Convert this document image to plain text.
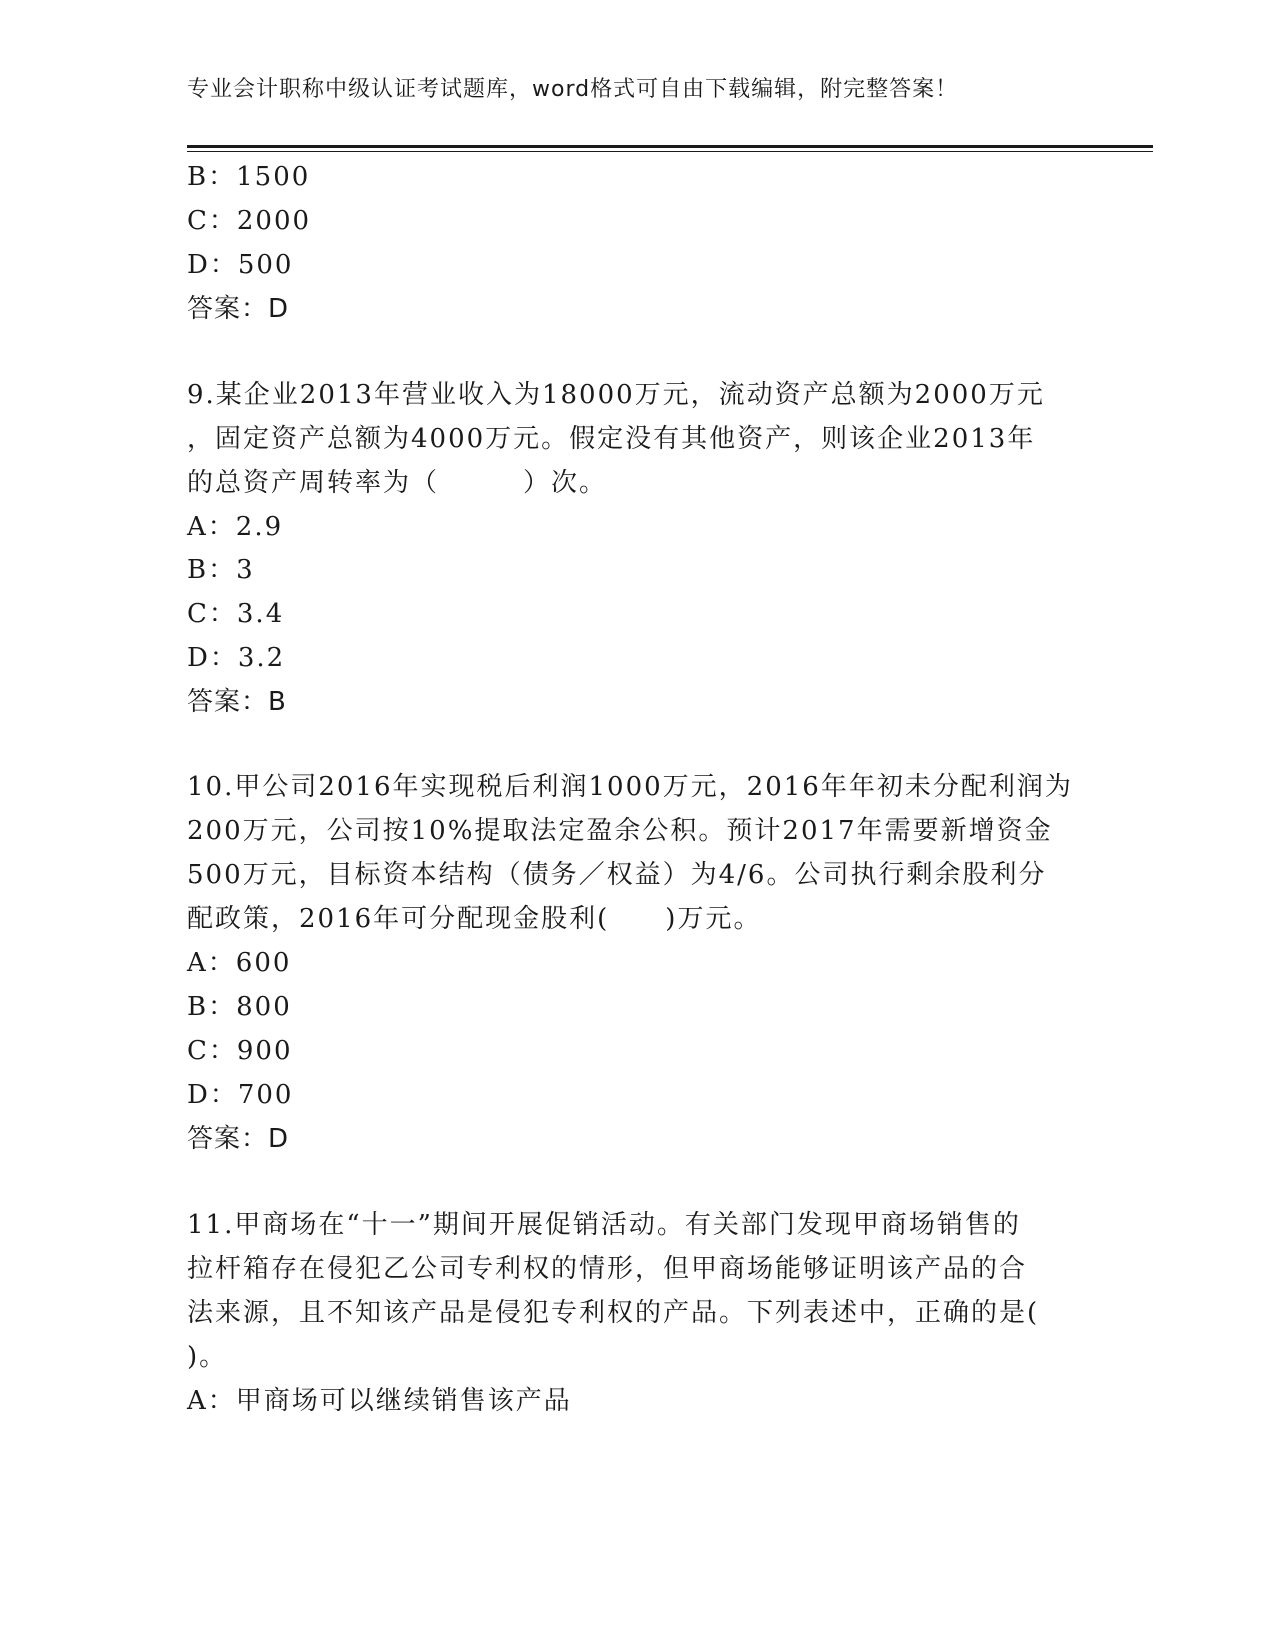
专业会计职称中级认证考试题库，word格式可自由下载编辑，附完整答案！
B：1500
C：2000
D：500
答案：D
9.某企业2013年营业收入为18000万元，流动资产总额为2000万元
，固定资产总额为4000万元。假定没有其他资产，则该企业2013年
的总资产周转率为（　　　）次。
A：2.9
B：3
C：3.4
D：3.2
答案：B
10.甲公司2016年实现税后利润1000万元，2016年年初未分配利润为
200万元，公司按10%提取法定盈余公积。预计2017年需要新增资金
500万元，目标资本结构（债务／权益）为4/6。公司执行剩余股利分
配政策，2016年可分配现金股利(　　)万元。
A：600
B：800
C：900
D：700
答案：D
11.甲商场在“十一”期间开展促销活动。有关部门发现甲商场销售的
拉杆箱存在侵犯乙公司专利权的情形，但甲商场能够证明该产品的合
法来源，且不知该产品是侵犯专利权的产品。下列表述中，正确的是(
)。
A：甲商场可以继续销售该产品
